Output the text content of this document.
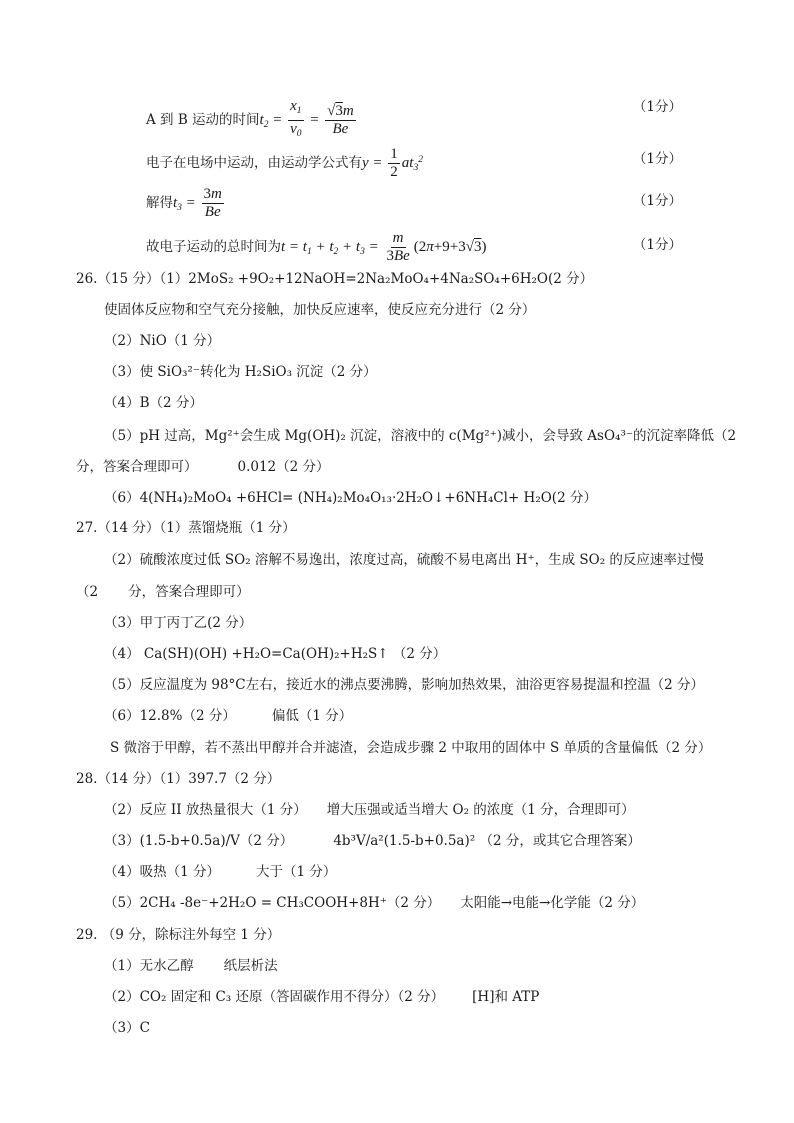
A 到 B 运动的时间$t_2 = \frac{x_1}{v_0} = \frac{√3m}{Be}$	（1分）
电子在电场中运动，由运动学公式有$y = \frac{1}{2} at_3^2$	（1分）
解得$t_3 = \frac{3m}{Be}$	（1分）
故电子运动的总时间为$t = t_1 + t_2 + t_3 = \frac{m}{3Be} (2\pi+9+3√3)$	（1分）
26.（15 分）（1）2MoS₂ +9O₂+12NaOH=2Na₂MoO₄+4Na₂SO₄+6H₂O(2 分）
使固体反应物和空气充分接触，加快反应速率，使反应充分进行（2 分）
（2）NiO（1 分）
（3）使 SiO₃²⁻转化为 H₂SiO₃ 沉淀（2 分）
（4）B（2 分）
（5）pH 过高，Mg²⁺会生成 Mg(OH)₂ 沉淀，溶液中的 c(Mg²⁺)减小，会导致 AsO₄³⁻的沉淀率降低（2
分，答案合理即可）	0.012（2 分）
（6）4(NH₄)₂MoO₄ +6HCl= (NH₄)₂Mo₄O₁₃·2H₂O↓+6NH₄Cl+ H₂O(2 分）
27.（14 分）（1）蒸馏烧瓶（1 分）
（2）硫酸浓度过低 SO₂ 溶解不易逸出，浓度过高，硫酸不易电离出 H⁺，生成 SO₂ 的反应速率过慢
（2 分，答案合理即可）
（3）甲丁丙丁乙(2 分）
（4） Ca(SH)(OH) +H₂O=Ca(OH)₂+H₂S↑ （2 分）
（5）反应温度为 98°C左右，接近水的沸点要沸腾，影响加热效果，油浴更容易提温和控温（2 分）
（6）12.8%（2 分）	偏低（1 分）
S 微溶于甲醇，若不蒸出甲醇并合并滤渣，会造成步骤 2 中取用的固体中 S 单质的含量偏低（2 分）
28.（14 分）（1）397.7（2 分）
（2）反应 II 放热量很大（1 分） 增大压强或适当增大 O₂ 的浓度（1 分，合理即可）
（3）(1.5-b+0.5a)/V（2 分）	4b³V/a²(1.5-b+0.5a)² （2 分，或其它合理答案）
（4）吸热（1 分）	大于（1 分）
（5）2CH₄ -8e⁻+2H₂O = CH₃COOH+8H⁺（2 分） 太阳能→电能→化学能（2 分）
29. （9 分，除标注外每空 1 分）
（1）无水乙醇 纸层析法
（2）CO₂ 固定和 C₃ 还原（答固碳作用不得分）（2 分） [H]和 ATP
（3）C
